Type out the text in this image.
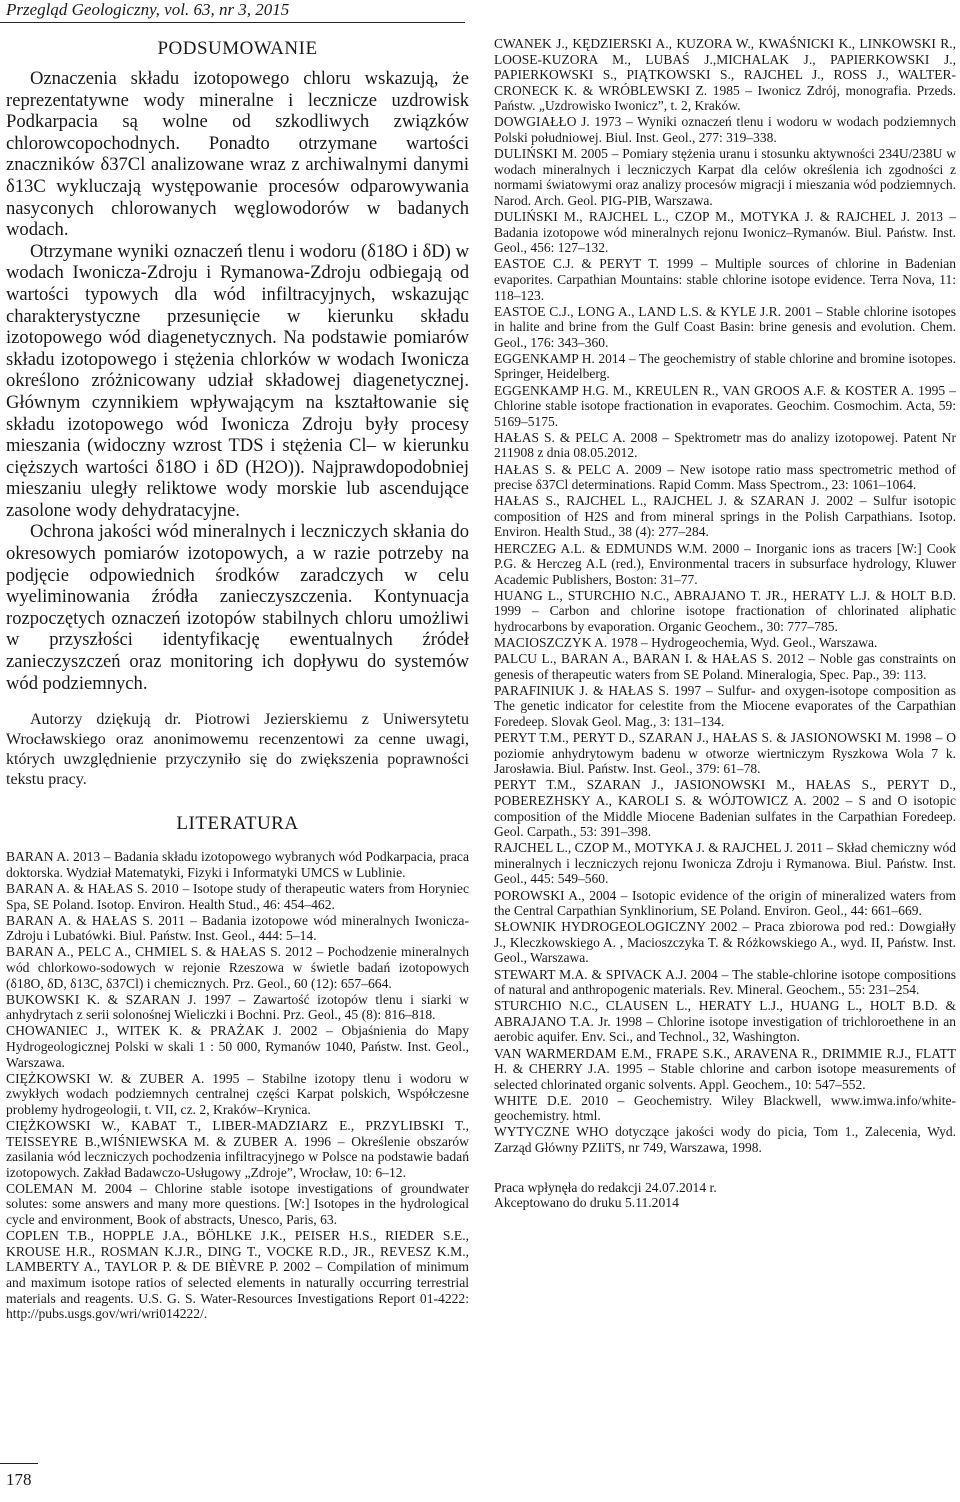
Przegląd Geologiczny, vol. 63, nr 3, 2015
PODSUMOWANIE

Oznaczenia składu izotopowego chloru wskazują, że reprezentatywne wody mineralne i lecznicze uzdrowisk Podkarpacia są wolne od szkodliwych związków chlorowcopochodnych. Ponadto otrzymane wartości znaczników δ37Cl analizowane wraz z archiwalnymi danymi δ13C wykluczają występowanie procesów odparowywania nasyconych chlorowanych węglowodorów w badanych wodach.

Otrzymane wyniki oznaczeń tlenu i wodoru (δ18O i δD) w wodach Iwonicza-Zdroju i Rymanowa-Zdroju odbiegają od wartości typowych dla wód infiltracyjnych, wskazując charakterystyczne przesunięcie w kierunku składu izotopowego wód diagenetycznych. Na podstawie pomiarów składu izotopowego i stężenia chlorków w wodach Iwonicza określono zróżnicowany udział składowej diagenetycznej. Głównym czynnikiem wpływającym na kształtowanie się składu izotopowego wód Iwonicza Zdroju były procesy mieszania (widoczny wzrost TDS i stężenia Cl– w kierunku cięższych wartości δ18O i δD (H2O)). Najprawdopodobniej mieszaniu uległy reliktowe wody morskie lub ascendujące zasolone wody dehydratacyjne.

Ochrona jakości wód mineralnych i leczniczych skłania do okresowych pomiarów izotopowych, a w razie potrzeby na podjęcie odpowiednich środków zaradczych w celu wyeliminowania źródła zanieczyszczenia. Kontynuacja rozpoczętych oznaczeń izotopów stabilnych chloru umożliwi w przyszłości identyfikację ewentualnych źródeł zanieczyszczeń oraz monitoring ich dopływu do systemów wód podziemnych.

Autorzy dziękują dr. Piotrowi Jezierskiemu z Uniwersytetu Wrocławskiego oraz anonimowemu recenzentowi za cenne uwagi, których uwzględnienie przyczyniło się do zwiększenia poprawności tekstu pracy.

LITERATURA

BARAN A. 2013 – Badania składu izotopowego wybranych wód Podkarpacia, praca doktorska. Wydział Matematyki, Fizyki i Informatyki UMCS w Lublinie.

BARAN A. & HAŁAS S. 2010 – Isotope study of therapeutic waters from Horyniec Spa, SE Poland. Isotop. Environ. Health Stud., 46: 454–462.

BARAN A. & HAŁAS S. 2011 – Badania izotopowe wód mineralnych Iwonicza-Zdroju i Lubatówki. Biul. Państw. Inst. Geol., 444: 5–14.

BARAN A., PELC A., CHMIEL S. & HAŁAS S. 2012 – Pochodzenie mineralnych wód chlorkowo-sodowych w rejonie Rzeszowa w świetle badań izotopowych (δ18O, δD, δ13C, δ37Cl) i chemicznych. Prz. Geol., 60 (12): 657–664.

BUKOWSKI K. & SZARAN J. 1997 – Zawartość izotopów tlenu i siarki w anhydrytach z serii solonośnej Wieliczki i Bochni. Prz. Geol., 45 (8): 816–818.

CHOWANIEC J., WITEK K. & PRAŻAK J. 2002 – Objaśnienia do Mapy Hydrogeologicznej Polski w skali 1 : 50 000, Rymanów 1040, Państw. Inst. Geol., Warszawa.

CIĘŻKOWSKI W. & ZUBER A. 1995 – Stabilne izotopy tlenu i wodoru w zwykłych wodach podziemnych centralnej części Karpat polskich, Współczesne problemy hydrogeologii, t. VII, cz. 2, Kraków–Krynica.

CIĘŻKOWSKI W., KABAT T., LIBER-MADZIARZ E., PRZYLIBSKI T., TEISSEYRE B.,WIŚNIEWSKA M. & ZUBER A. 1996 – Określenie obszarów zasilania wód leczniczych pochodzenia infiltracyjnego w Polsce na podstawie badań izotopowych. Zakład Badawczo-Usługowy „Zdroje”, Wrocław, 10: 6–12.

COLEMAN M. 2004 – Chlorine stable isotope investigations of groundwater solutes: some answers and many more questions. [W:] Isotopes in the hydrological cycle and environment, Book of abstracts, Unesco, Paris, 63.

COPLEN T.B., HOPPLE J.A., BÖHLKE J.K., PEISER H.S., RIEDER S.E., KROUSE H.R., ROSMAN K.J.R., DING T., VOCKE R.D., JR., REVESZ K.M., LAMBERTY A., TAYLOR P. & DE BIÈVRE P. 2002 – Compilation of minimum and maximum isotope ratios of selected elements in naturally occurring terrestrial materials and reagents. U.S. G. S. Water-Resources Investigations Report 01-4222: http://pubs.usgs.gov/wri/wri014222/.

CWANEK J., KĘDZIERSKI A., KUZORA W., KWAŚNICKI K., LINKOWSKI R., LOOSE-KUZORA M., LUBAŚ J.,MICHALAK J., PAPIERKOWSKI J., PAPIERKOWSKI S., PIĄTKOWSKI S., RAJCHEL J., ROSS J., WALTER-CRONECK K. & WRÓBLEWSKI Z. 1985 – Iwonicz Zdrój, monografia. Przeds. Państw. „Uzdrowisko Iwonicz”, t. 2, Kraków.

DOWGIAŁŁO J. 1973 – Wyniki oznaczeń tlenu i wodoru w wodach podziemnych Polski południowej. Biul. Inst. Geol., 277: 319–338.

DULIŃSKI M. 2005 – Pomiary stężenia uranu i stosunku aktywności 234U/238U w wodach mineralnych i leczniczych Karpat dla celów określenia ich zgodności z normami światowymi oraz analizy procesów migracji i mieszania wód podziemnych. Narod. Arch. Geol. PIG-PIB, Warszawa.

DULIŃSKI M., RAJCHEL L., CZOP M., MOTYKA J. & RAJCHEL J. 2013 – Badania izotopowe wód mineralnych rejonu Iwonicz–Rymanów. Biul. Państw. Inst. Geol., 456: 127–132.

EASTOE C.J. & PERYT T. 1999 – Multiple sources of chlorine in Badenian evaporites. Carpathian Mountains: stable chlorine isotope evidence. Terra Nova, 11: 118–123.

EASTOE C.J., LONG A., LAND L.S. & KYLE J.R. 2001 – Stable chlorine isotopes in halite and brine from the Gulf Coast Basin: brine genesis and evolution. Chem. Geol., 176: 343–360.

EGGENKAMP H. 2014 – The geochemistry of stable chlorine and bromine isotopes. Springer, Heidelberg.

EGGENKAMP H.G. M., KREULEN R., VAN GROOS A.F. & KOSTER A. 1995 – Chlorine stable isotope fractionation in evaporates. Geochim. Cosmochim. Acta, 59: 5169–5175.

HAŁAS S. & PELC A. 2008 – Spektrometr mas do analizy izotopowej. Patent Nr 211908 z dnia 08.05.2012.

HAŁAS S. & PELC A. 2009 – New isotope ratio mass spectrometric method of precise δ37Cl determinations. Rapid Comm. Mass Spectrom., 23: 1061–1064.

HAŁAS S., RAJCHEL L., RAJCHEL J. & SZARAN J. 2002 – Sulfur isotopic composition of H2S and from mineral springs in the Polish Carpathians. Isotop. Environ. Health Stud., 38 (4): 277–284.

HERCZEG A.L. & EDMUNDS W.M. 2000 – Inorganic ions as tracers [W:] Cook P.G. & Herczeg A.L (red.), Environmental tracers in subsurface hydrology, Kluwer Academic Publishers, Boston: 31–77.

HUANG L., STURCHIO N.C., ABRAJANO T. JR., HERATY L.J. & HOLT B.D. 1999 – Carbon and chlorine isotope fractionation of chlorinated aliphatic hydrocarbons by evaporation. Organic Geochem., 30: 777–785.

MACIOSZCZYK A. 1978 – Hydrogeochemia, Wyd. Geol., Warszawa.

PALCU L., BARAN A., BARAN I. & HAŁAS S. 2012 – Noble gas constraints on genesis of therapeutic waters from SE Poland. Mineralogia, Spec. Pap., 39: 113.

PARAFINIUK J. & HAŁAS S. 1997 – Sulfur- and oxygen-isotope composition as The genetic indicator for celestite from the Miocene evaporates of the Carpathian Foredeep. Slovak Geol. Mag., 3: 131–134.

PERYT T.M., PERYT D., SZARAN J., HAŁAS S. & JASIONOWSKI M. 1998 – O poziomie anhydrytowym badenu w otworze wiertniczym Ryszkowa Wola 7 k. Jarosławia. Biul. Państw. Inst. Geol., 379: 61–78.

PERYT T.M., SZARAN J., JASIONOWSKI M., HAŁAS S., PERYT D., POBEREZHSKY A., KAROLI S. & WÓJTOWICZ A. 2002 – S and O isotopic composition of the Middle Miocene Badenian sulfates in the Carpathian Foredeep. Geol. Carpath., 53: 391–398.

RAJCHEL L., CZOP M., MOTYKA J. & RAJCHEL J. 2011 – Skład chemiczny wód mineralnych i leczniczych rejonu Iwonicza Zdroju i Rymanowa. Biul. Państw. Inst. Geol., 445: 549–560.

POROWSKI A., 2004 – Isotopic evidence of the origin of mineralized waters from the Central Carpathian Synklinorium, SE Poland. Environ. Geol., 44: 661–669.

SŁOWNIK HYDROGEOLOGICZNY 2002 – Praca zbiorowa pod red.: Dowgiałły J., Kleczkowskiego A. , Macioszczyka T. & Różkowskiego A., wyd. II, Państw. Inst. Geol., Warszawa.

STEWART M.A. & SPIVACK A.J. 2004 – The stable-chlorine isotope compositions of natural and anthropogenic materials. Rev. Mineral. Geochem., 55: 231–254.

STURCHIO N.C., CLAUSEN L., HERATY L.J., HUANG L., HOLT B.D. & ABRAJANO T.A. Jr. 1998 – Chlorine isotope investigation of trichloroethene in an aerobic aquifer. Env. Sci., and Technol., 32, Washington.

VAN WARMERDAM E.M., FRAPE S.K., ARAVENA R., DRIMMIE R.J., FLATT H. & CHERRY J.A. 1995 – Stable chlorine and carbon isotope measurements of selected chlorinated organic solvents. Appl. Geochem., 10: 547–552.

WHITE D.E. 2010 – Geochemistry. Wiley Blackwell, www.imwa.info/white-geochemistry. html.

WYTYCZNE WHO dotyczące jakości wody do picia, Tom 1., Zalecenia, Wyd. Zarząd Główny PZIiTS, nr 749, Warszawa, 1998.

Praca wpłynęła do redakcji 24.07.2014 r.

Akceptowano do druku 5.11.2014

178
